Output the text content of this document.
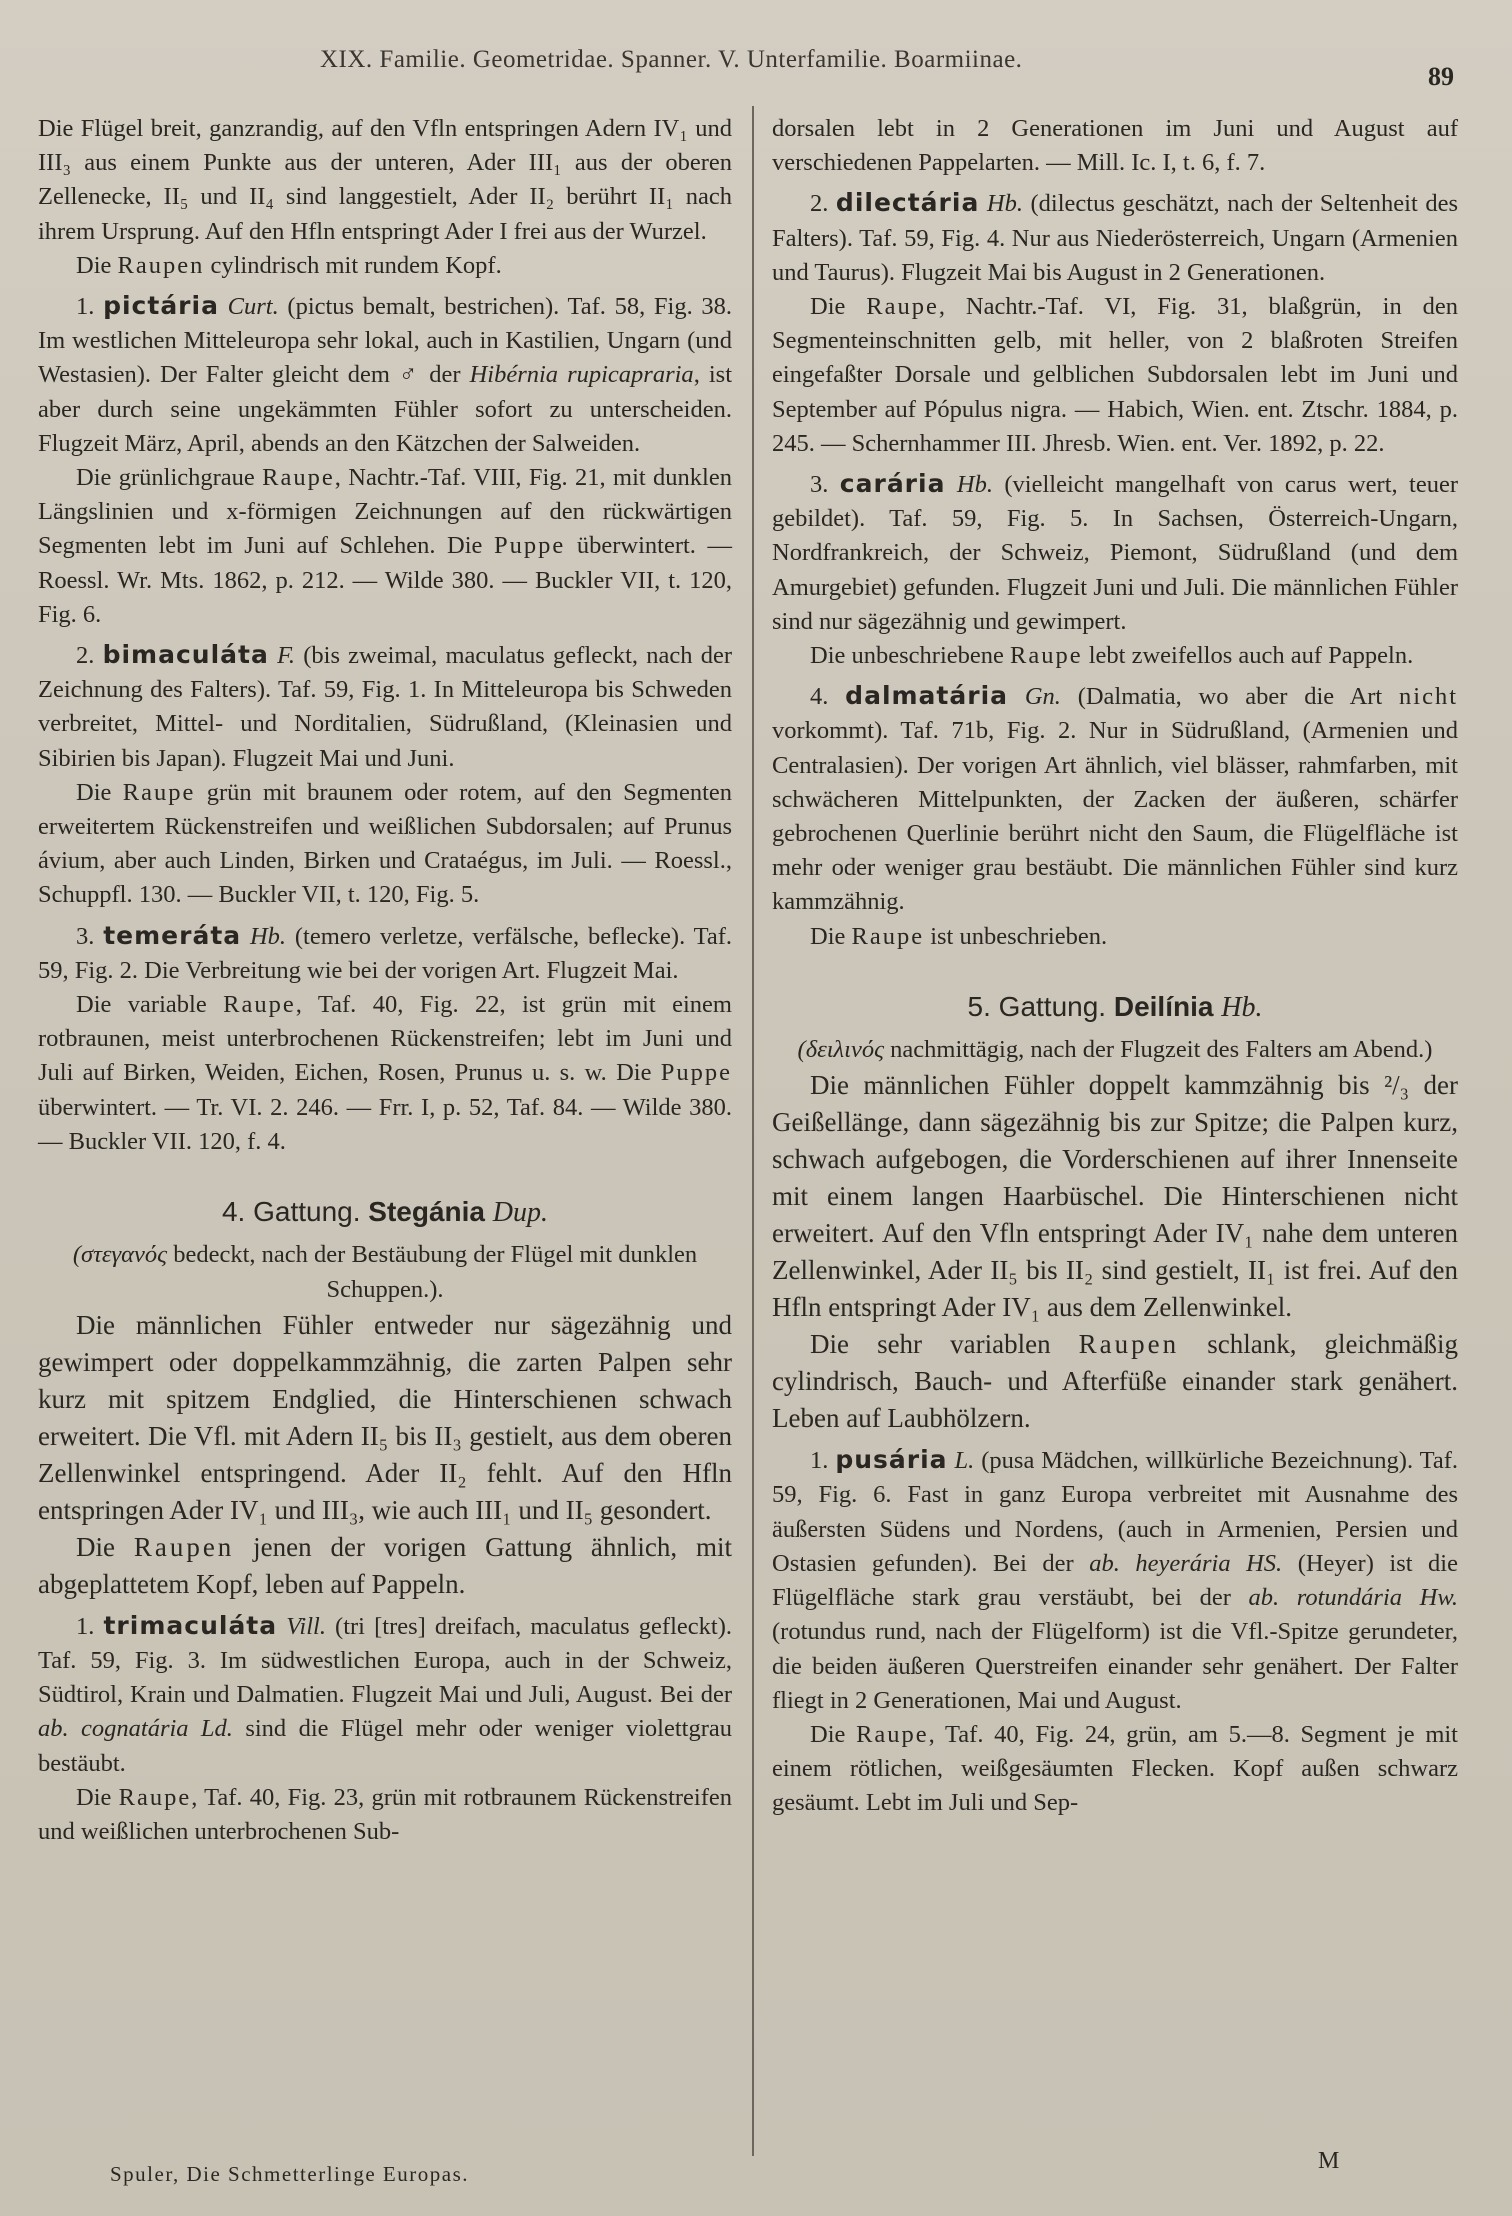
XIX. Familie. Geometridae. Spanner. V. Unterfamilie. Boarmiinae.
89

Die Flügel breit, ganzrandig, auf den Vfln entspringen Adern IV₁ und III₃ aus einem Punkte aus der unteren, Ader III₁ aus der oberen Zellenecke, II₅ und II₄ sind langgestielt, Ader II₂ berührt II₁ nach ihrem Ursprung. Auf den Hfln entspringt Ader I frei aus der Wurzel.

Die Raupen cylindrisch mit rundem Kopf.

1. pictária Curt. (pictus bemalt, bestrichen). Taf. 58, Fig. 38. Im westlichen Mitteleuropa sehr lokal, auch in Kastilien, Ungarn (und Westasien). Der Falter gleicht dem ♂ der Hibérnia rupicapraria, ist aber durch seine ungekämmten Fühler sofort zu unterscheiden. Flugzeit März, April, abends an den Kätzchen der Salweiden.

Die grünlichgraue Raupe, Nachtr.-Taf. VIII, Fig. 21, mit dunklen Längslinien und x-förmigen Zeichnungen auf den rückwärtigen Segmenten lebt im Juni auf Schlehen. Die Puppe überwintert. — Roessl. Wr. Mts. 1862, p. 212. — Wilde 380. — Buckler VII, t. 120, Fig. 6.

2. bimaculáta F. (bis zweimal, maculatus gefleckt, nach der Zeichnung des Falters). Taf. 59, Fig. 1. In Mitteleuropa bis Schweden verbreitet, Mittel- und Norditalien, Südrußland, (Kleinasien und Sibirien bis Japan). Flugzeit Mai und Juni.

Die Raupe grün mit braunem oder rotem, auf den Segmenten erweitertem Rückenstreifen und weißlichen Subdorsalen; auf Prunus ávium, aber auch Linden, Birken und Crataégus, im Juli. — Roessl., Schuppfl. 130. — Buckler VII, t. 120, Fig. 5.

3. temeráta Hb. (temero verletze, verfälsche, beflecke). Taf. 59, Fig. 2. Die Verbreitung wie bei der vorigen Art. Flugzeit Mai.

Die variable Raupe, Taf. 40, Fig. 22, ist grün mit einem rotbraunen, meist unterbrochenen Rückenstreifen; lebt im Juni und Juli auf Birken, Weiden, Eichen, Rosen, Prunus u. s. w. Die Puppe überwintert. — Tr. VI. 2. 246. — Frr. I, p. 52, Taf. 84. — Wilde 380. — Buckler VII. 120, f. 4.

4. Gattung. Stegánia Dup.

(στεγανός bedeckt, nach der Bestäubung der Flügel mit dunklen Schuppen.).

Die männlichen Fühler entweder nur sägezähnig und gewimpert oder doppelkammzähnig, die zarten Palpen sehr kurz mit spitzem Endglied, die Hinterschienen schwach erweitert. Die Vfl. mit Adern II₅ bis II₃ gestielt, aus dem oberen Zellenwinkel entspringend. Ader II₂ fehlt. Auf den Hfln entspringen Ader IV₁ und III₃, wie auch III₁ und II₅ gesondert.

Die Raupen jenen der vorigen Gattung ähnlich, mit abgeplattetem Kopf, leben auf Pappeln.

1. trimaculáta Vill. (tri [tres] dreifach, maculatus gefleckt). Taf. 59, Fig. 3. Im südwestlichen Europa, auch in der Schweiz, Südtirol, Krain und Dalmatien. Flugzeit Mai und Juli, August. Bei der ab. cognatária Ld. sind die Flügel mehr oder weniger violettgrau bestäubt.

Die Raupe, Taf. 40, Fig. 23, grün mit rotbraunem Rückenstreifen und weißlichen unterbrochenen Sub-

dorsalen lebt in 2 Generationen im Juni und August auf verschiedenen Pappelarten. — Mill. Ic. I, t. 6, f. 7.

2. dilectária Hb. (dilectus geschätzt, nach der Seltenheit des Falters). Taf. 59, Fig. 4. Nur aus Niederösterreich, Ungarn (Armenien und Taurus). Flugzeit Mai bis August in 2 Generationen.

Die Raupe, Nachtr.-Taf. VI, Fig. 31, blaßgrün, in den Segmenteinschnitten gelb, mit heller, von 2 blaßroten Streifen eingefaßter Dorsale und gelblichen Subdorsalen lebt im Juni und September auf Pópulus nigra. — Habich, Wien. ent. Ztschr. 1884, p. 245. — Schernhammer III. Jhresb. Wien. ent. Ver. 1892, p. 22.

3. carária Hb. (vielleicht mangelhaft von carus wert, teuer gebildet). Taf. 59, Fig. 5. In Sachsen, Österreich-Ungarn, Nordfrankreich, der Schweiz, Piemont, Südrußland (und dem Amurgebiet) gefunden. Flugzeit Juni und Juli. Die männlichen Fühler sind nur sägezähnig und gewimpert.

Die unbeschriebene Raupe lebt zweifellos auch auf Pappeln.

4. dalmatária Gn. (Dalmatia, wo aber die Art nicht vorkommt). Taf. 71b, Fig. 2. Nur in Südrußland, (Armenien und Centralasien). Der vorigen Art ähnlich, viel blässer, rahmfarben, mit schwächeren Mittelpunkten, der Zacken der äußeren, schärfer gebrochenen Querlinie berührt nicht den Saum, die Flügelfläche ist mehr oder weniger grau bestäubt. Die männlichen Fühler sind kurz kammzähnig.

Die Raupe ist unbeschrieben.

5. Gattung. Deilínia Hb.

(δειλινός nachmittägig, nach der Flugzeit des Falters am Abend.)

Die männlichen Fühler doppelt kammzähnig bis ²/₃ der Geißellänge, dann sägezähnig bis zur Spitze; die Palpen kurz, schwach aufgebogen, die Vorderschienen auf ihrer Innenseite mit einem langen Haarbüschel. Die Hinterschienen nicht erweitert. Auf den Vfln entspringt Ader IV₁ nahe dem unteren Zellenwinkel, Ader II₅ bis II₂ sind gestielt, II₁ ist frei. Auf den Hfln entspringt Ader IV₁ aus dem Zellenwinkel.

Die sehr variablen Raupen schlank, gleichmäßig cylindrisch, Bauch- und Afterfüße einander stark genähert. Leben auf Laubhölzern.

1. pusária L. (pusa Mädchen, willkürliche Bezeichnung). Taf. 59, Fig. 6. Fast in ganz Europa verbreitet mit Ausnahme des äußersten Südens und Nordens, (auch in Armenien, Persien und Ostasien gefunden). Bei der ab. heyerária HS. (Heyer) ist die Flügelfläche stark grau verstäubt, bei der ab. rotundária Hw. (rotundus rund, nach der Flügelform) ist die Vfl.-Spitze gerundeter, die beiden äußeren Querstreifen einander sehr genähert. Der Falter fliegt in 2 Generationen, Mai und August.

Die Raupe, Taf. 40, Fig. 24, grün, am 5.—8. Segment je mit einem rötlichen, weißgesäumten Flecken. Kopf außen schwarz gesäumt. Lebt im Juli und Sep-

Spuler, Die Schmetterlinge Europas.	M
